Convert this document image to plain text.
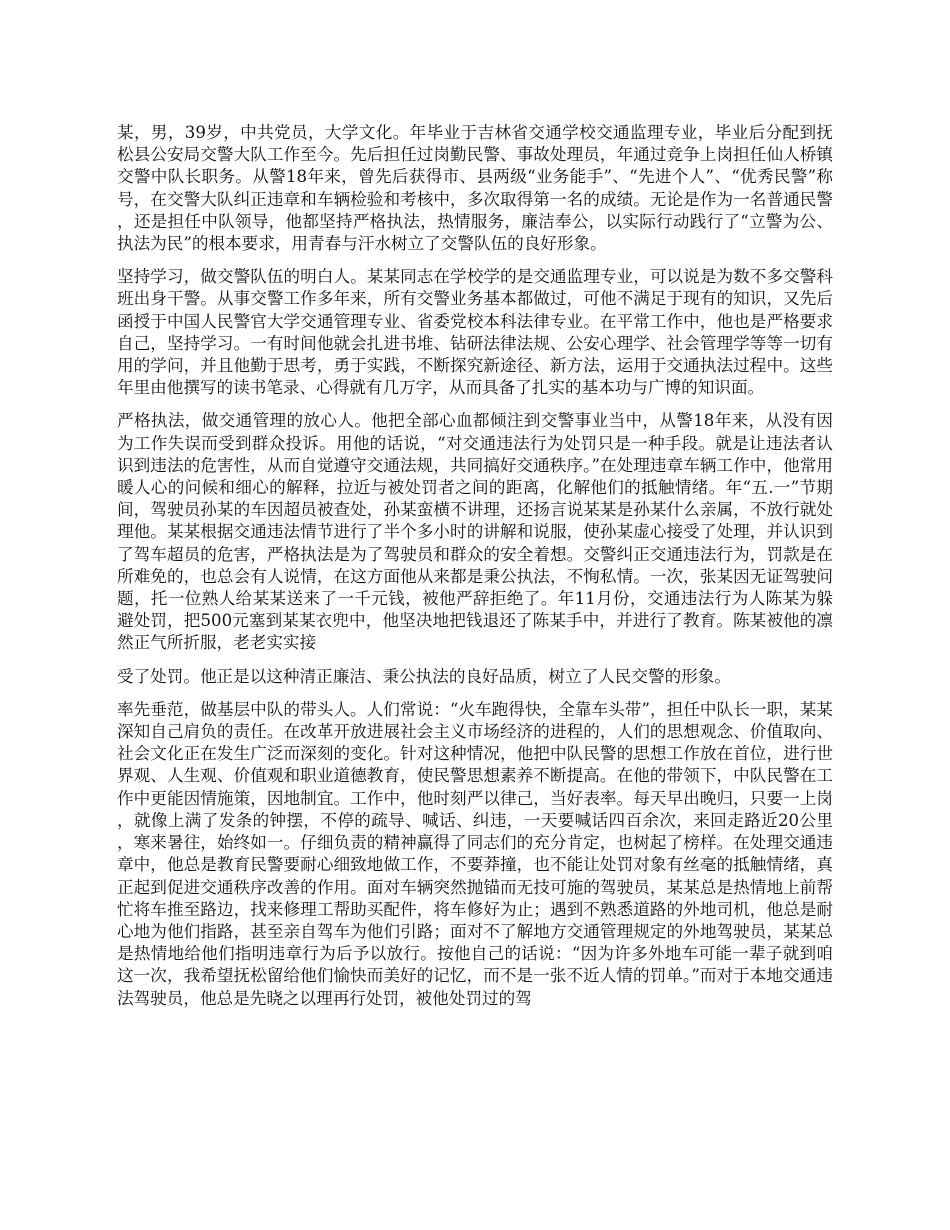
某，男，39岁，中共党员，大学文化。年毕业于吉林省交通学校交通监理专业，毕业后分配到抚松县公安局交警大队工作至今。先后担任过岗勤民警、事故处理员，年通过竞争上岗担任仙人桥镇交警中队长职务。从警18年来，曾先后获得市、县两级“业务能手”、“先进个人”、“优秀民警”称号，在交警大队纠正违章和车辆检验和考核中，多次取得第一名的成绩。无论是作为一名普通民警，还是担任中队领导，他都坚持严格执法，热情服务，廉洁奉公，以实际行动践行了“立警为公、执法为民”的根本要求，用青春与汗水树立了交警队伍的良好形象。

坚持学习，做交警队伍的明白人。某某同志在学校学的是交通监理专业，可以说是为数不多交警科班出身干警。从事交警工作多年来，所有交警业务基本都做过，可他不满足于现有的知识，又先后函授于中国人民警官大学交通管理专业、省委党校本科法律专业。在平常工作中，他也是严格要求自己，坚持学习。一有时间他就会扎进书堆、钻研法律法规、公安心理学、社会管理学等等一切有用的学问，并且他勤于思考，勇于实践，不断探究新途径、新方法，运用于交通执法过程中。这些年里由他撰写的读书笔录、心得就有几万字，从而具备了扎实的基本功与广博的知识面。

严格执法，做交通管理的放心人。他把全部心血都倾注到交警事业当中，从警18年来，从没有因为工作失误而受到群众投诉。用他的话说，“对交通违法行为处罚只是一种手段。就是让违法者认识到违法的危害性，从而自觉遵守交通法规，共同搞好交通秩序。”在处理违章车辆工作中，他常用暖人心的问候和细心的解释，拉近与被处罚者之间的距离，化解他们的抵触情绪。年“五.一”节期间，驾驶员孙某的车因超员被查处，孙某蛮横不讲理，还扬言说某某是孙某什么亲属，不放行就处理他。某某根据交通违法情节进行了半个多小时的讲解和说服，使孙某虚心接受了处理，并认识到了驾车超员的危害，严格执法是为了驾驶员和群众的安全着想。交警纠正交通违法行为，罚款是在所难免的，也总会有人说情，在这方面他从来都是秉公执法，不恂私情。一次，张某因无证驾驶问题，托一位熟人给某某送来了一千元钱，被他严辞拒绝了。年11月份，交通违法行为人陈某为躲避处罚，把500元塞到某某衣兜中，他坚决地把钱退还了陈某手中，并进行了教育。陈某被他的凛然正气所折服，老老实实接

受了处罚。他正是以这种清正廉洁、秉公执法的良好品质，树立了人民交警的形象。

率先垂范，做基层中队的带头人。人们常说：“火车跑得快，全靠车头带”，担任中队长一职，某某深知自己肩负的责任。在改革开放进展社会主义市场经济的进程的，人们的思想观念、价值取向、社会文化正在发生广泛而深刻的变化。针对这种情况，他把中队民警的思想工作放在首位，进行世界观、人生观、价值观和职业道德教育，使民警思想素养不断提高。在他的带领下，中队民警在工作中更能因情施策，因地制宜。工作中，他时刻严以律己，当好表率。每天早出晚归，只要一上岗，就像上满了发条的钟摆，不停的疏导、喊话、纠违，一天要喊话四百余次，来回走路近20公里，寒来暑往，始终如一。仔细负责的精神赢得了同志们的充分肯定，也树起了榜样。在处理交通违章中，他总是教育民警要耐心细致地做工作，不要莽撞，也不能让处罚对象有丝毫的抵触情绪，真正起到促进交通秩序改善的作用。面对车辆突然抛锚而无技可施的驾驶员，某某总是热情地上前帮忙将车推至路边，找来修理工帮助买配件，将车修好为止；遇到不熟悉道路的外地司机，他总是耐心地为他们指路，甚至亲自驾车为他们引路；面对不了解地方交通管理规定的外地驾驶员，某某总是热情地给他们指明违章行为后予以放行。按他自己的话说：“因为许多外地车可能一辈子就到咱这一次，我希望抚松留给他们愉快而美好的记忆，而不是一张不近人情的罚单。”而对于本地交通违法驾驶员，他总是先晓之以理再行处罚，被他处罚过的驾
